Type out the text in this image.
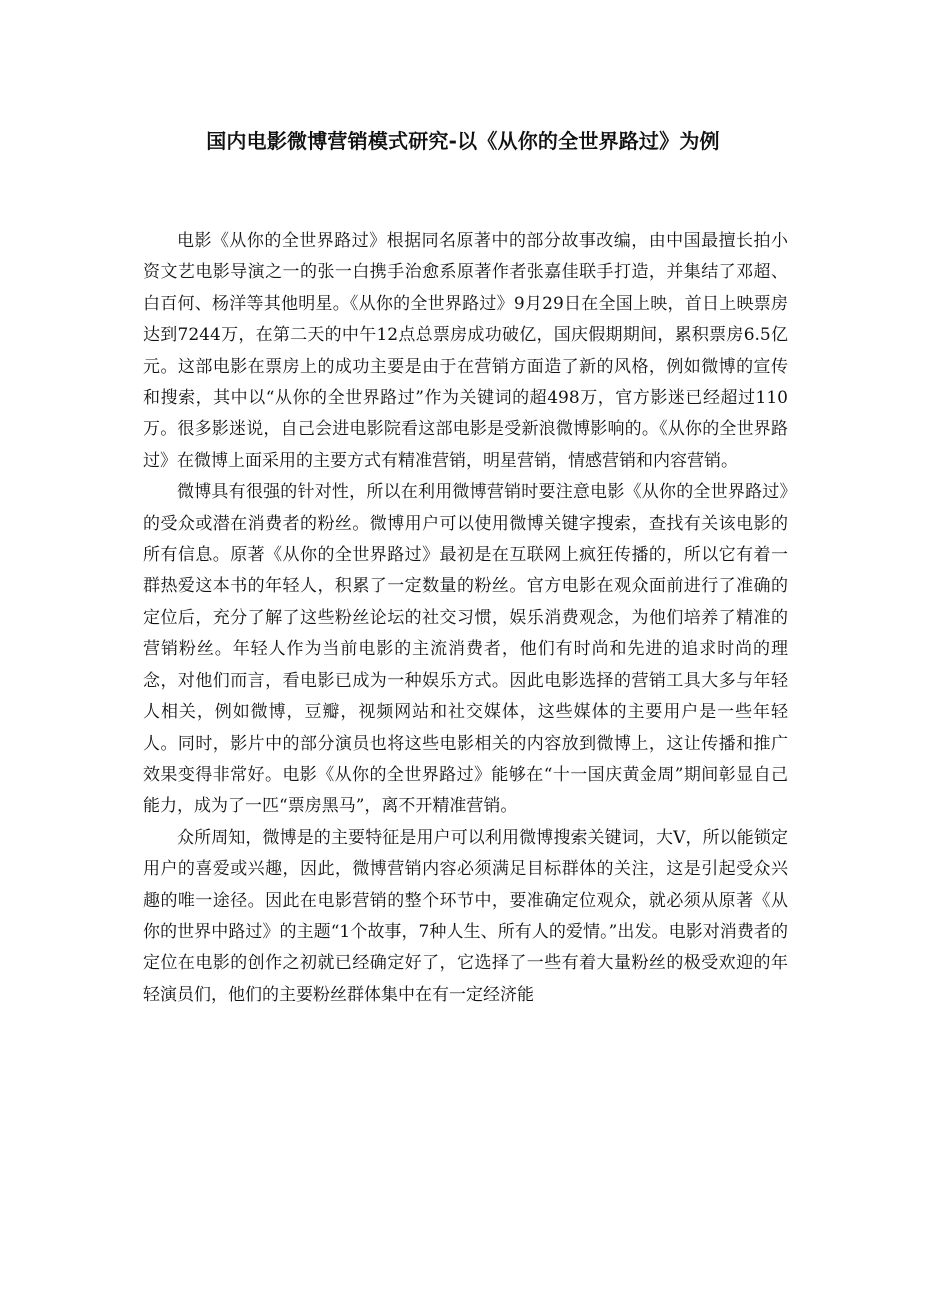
国内电影微博营销模式研究-以《从你的全世界路过》为例

电影《从你的全世界路过》根据同名原著中的部分故事改编，由中国最擅长拍小资文艺电影导演之一的张一白携手治愈系原著作者张嘉佳联手打造，并集结了邓超、白百何、杨洋等其他明星。《从你的全世界路过》9月29日在全国上映，首日上映票房达到7244万，在第二天的中午12点总票房成功破亿，国庆假期期间，累积票房6.5亿元。这部电影在票房上的成功主要是由于在营销方面造了新的风格，例如微博的宣传和搜索，其中以“从你的全世界路过”作为关键词的超498万，官方影迷已经超过110万。很多影迷说，自己会进电影院看这部电影是受新浪微博影响的。《从你的全世界路过》在微博上面采用的主要方式有精准营销，明星营销，情感营销和内容营销。

微博具有很强的针对性，所以在利用微博营销时要注意电影《从你的全世界路过》的受众或潜在消费者的粉丝。微博用户可以使用微博关键字搜索，查找有关该电影的所有信息。原著《从你的全世界路过》最初是在互联网上疯狂传播的，所以它有着一群热爱这本书的年轻人，积累了一定数量的粉丝。官方电影在观众面前进行了准确的定位后，充分了解了这些粉丝论坛的社交习惯，娱乐消费观念，为他们培养了精准的营销粉丝。年轻人作为当前电影的主流消费者，他们有时尚和先进的追求时尚的理念，对他们而言，看电影已成为一种娱乐方式。因此电影选择的营销工具大多与年轻人相关，例如微博，豆瓣，视频网站和社交媒体，这些媒体的主要用户是一些年轻人。同时，影片中的部分演员也将这些电影相关的内容放到微博上，这让传播和推广效果变得非常好。电影《从你的全世界路过》能够在“十一国庆黄金周”期间彰显自己能力，成为了一匹“票房黑马”，离不开精准营销。

众所周知，微博是的主要特征是用户可以利用微博搜索关键词，大V，所以能锁定用户的喜爱或兴趣，因此，微博营销内容必须满足目标群体的关注，这是引起受众兴趣的唯一途径。因此在电影营销的整个环节中，要准确定位观众，就必须从原著《从你的世界中路过》的主题“1个故事，7种人生、所有人的爱情。”出发。电影对消费者的定位在电影的创作之初就已经确定好了，它选择了一些有着大量粉丝的极受欢迎的年轻演员们，他们的主要粉丝群体集中在有一定经济能
